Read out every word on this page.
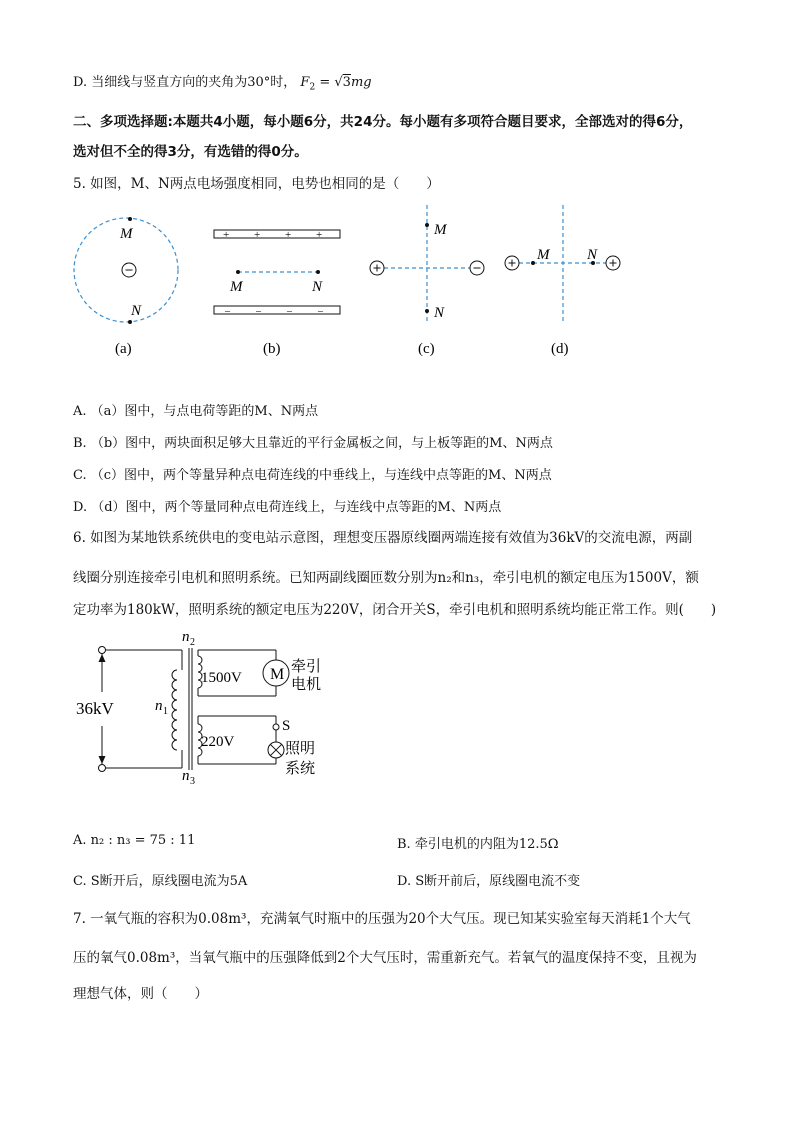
D. 当细线与竖直方向的夹角为30°时， $F_2 = √3mg$
二、多项选择题:本题共4小题，每小题6分，共24分。每小题有多项符合题目要求，全部选对的得6分，
选对但不全的得3分，有选错的得0分。
5. 如图，M、N两点电场强度相同，电势也相同的是（　　）
M
N
(a)
+ + + +
–	–	–	–
M	N
(b)
M
N
(c)
M	N
(d)
A. （a）图中，与点电荷等距的M、N两点
B. （b）图中，两块面积足够大且靠近的平行金属板之间，与上板等距的M、N两点
C. （c）图中，两个等量异种点电荷连线的中垂线上，与连线中点等距的M、N两点
D. （d）图中，两个等量同种点电荷连线上，与连线中点等距的M、N两点
6. 如图为某地铁系统供电的变电站示意图，理想变压器原线圈两端连接有效值为36kV的交流电源，两副
线圈分别连接牵引电机和照明系统。已知两副线圈匝数分别为n₂和n₃，牵引电机的额定电压为1500V，额
定功率为180kW，照明系统的额定电压为220V，闭合开关S，牵引电机和照明系统均能正常工作。则(　　)
36kV	n 1
n 2
M
1500V
牵引
电机
S
220V	照明
系统
n 3
A. n₂ : n₃ = 75 : 11	B. 牵引电机的内阻为12.5Ω
C. S断开后，原线圈电流为5A	D. S断开前后，原线圈电流不变
7. 一氧气瓶的容积为0.08m³，充满氧气时瓶中的压强为20个大气压。现已知某实验室每天消耗1个大气
压的氧气0.08m³，当氧气瓶中的压强降低到2个大气压时，需重新充气。若氧气的温度保持不变，且视为
理想气体，则（　　）
